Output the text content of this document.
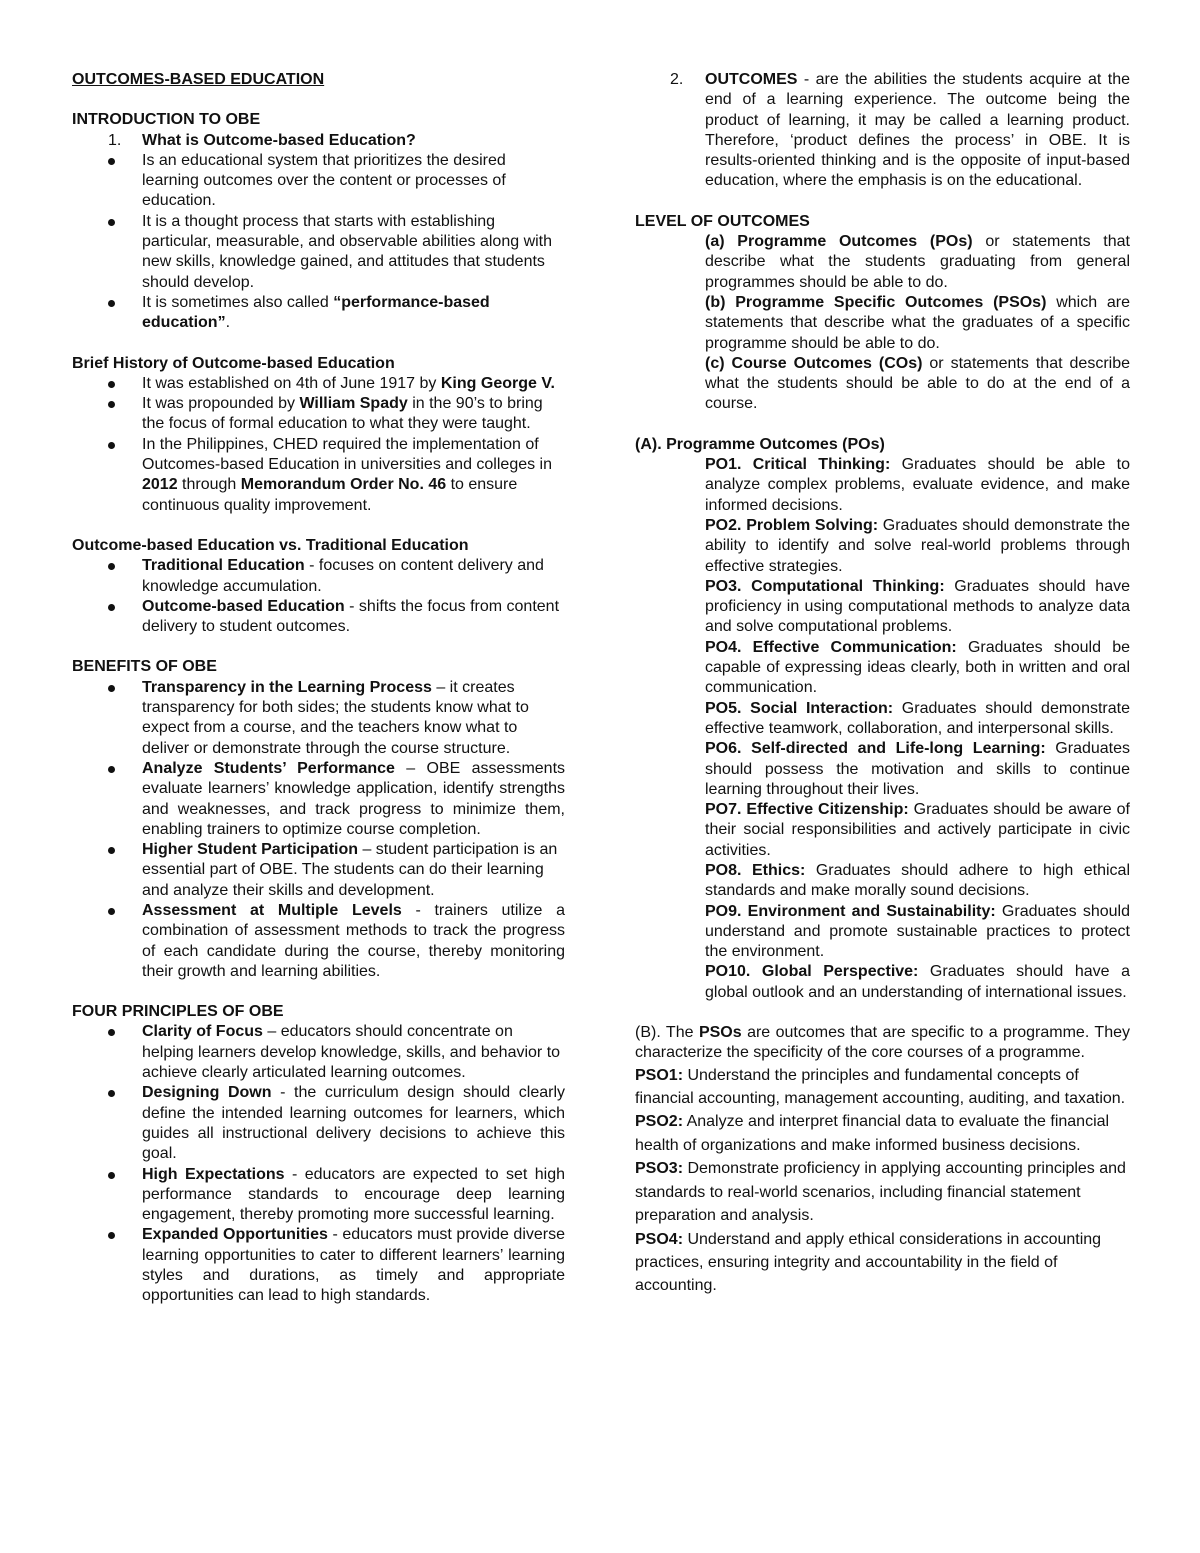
OUTCOMES-BASED EDUCATION

INTRODUCTION TO OBE

1. What is Outcome-based Education?
Is an educational system that prioritizes the desired learning outcomes over the content or processes of education.
It is a thought process that starts with establishing particular, measurable, and observable abilities along with new skills, knowledge gained, and attitudes that students should develop.
It is sometimes also called “performance-based education”.

Brief History of Outcome-based Education

It was established on 4th of June 1917 by King George V.
It was propounded by William Spady in the 90’s to bring the focus of formal education to what they were taught.
In the Philippines, CHED required the implementation of Outcomes-based Education in universities and colleges in 2012 through Memorandum Order No. 46 to ensure continuous quality improvement.

Outcome-based Education vs. Traditional Education

Traditional Education - focuses on content delivery and knowledge accumulation.
Outcome-based Education - shifts the focus from content delivery to student outcomes.

BENEFITS OF OBE

Transparency in the Learning Process – it creates transparency for both sides; the students know what to expect from a course, and the teachers know what to deliver or demonstrate through the course structure.
Analyze Students’ Performance – OBE assessments evaluate learners’ knowledge application, identify strengths and weaknesses, and track progress to minimize them, enabling trainers to optimize course completion.
Higher Student Participation – student participation is an essential part of OBE. The students can do their learning and analyze their skills and development.
Assessment at Multiple Levels - trainers utilize a combination of assessment methods to track the progress of each candidate during the course, thereby monitoring their growth and learning abilities.

FOUR PRINCIPLES OF OBE

Clarity of Focus – educators should concentrate on helping learners develop knowledge, skills, and behavior to achieve clearly articulated learning outcomes.
Designing Down - the curriculum design should clearly define the intended learning outcomes for learners, which guides all instructional delivery decisions to achieve this goal.
High Expectations - educators are expected to set high performance standards to encourage deep learning engagement, thereby promoting more successful learning.
Expanded Opportunities - educators must provide diverse learning opportunities to cater to different learners’ learning styles and durations, as timely and appropriate opportunities can lead to high standards.
2. OUTCOMES - are the abilities the students acquire at the end of a learning experience. The outcome being the product of learning, it may be called a learning product. Therefore, ‘product defines the process’ in OBE. It is results-oriented thinking and is the opposite of input-based education, where the emphasis is on the educational.

LEVEL OF OUTCOMES

(a) Programme Outcomes (POs) or statements that describe what the students graduating from general programmes should be able to do.
(b) Programme Specific Outcomes (PSOs) which are statements that describe what the graduates of a specific programme should be able to do.
(c) Course Outcomes (COs) or statements that describe what the students should be able to do at the end of a course.

(A). Programme Outcomes (POs)

PO1. Critical Thinking: Graduates should be able to analyze complex problems, evaluate evidence, and make informed decisions.

PO2. Problem Solving: Graduates should demonstrate the ability to identify and solve real-world problems through effective strategies.

PO3. Computational Thinking: Graduates should have proficiency in using computational methods to analyze data and solve computational problems.

PO4. Effective Communication: Graduates should be capable of expressing ideas clearly, both in written and oral communication.

PO5. Social Interaction: Graduates should demonstrate effective teamwork, collaboration, and interpersonal skills.

PO6. Self-directed and Life-long Learning: Graduates should possess the motivation and skills to continue learning throughout their lives.

PO7. Effective Citizenship: Graduates should be aware of their social responsibilities and actively participate in civic activities.

PO8. Ethics: Graduates should adhere to high ethical standards and make morally sound decisions.

PO9. Environment and Sustainability: Graduates should understand and promote sustainable practices to protect the environment.

PO10. Global Perspective: Graduates should have a global outlook and an understanding of international issues.

(B). The PSOs are outcomes that are specific to a programme. They characterize the specificity of the core courses of a programme.

PSO1: Understand the principles and fundamental concepts of financial accounting, management accounting, auditing, and taxation.

PSO2: Analyze and interpret financial data to evaluate the financial health of organizations and make informed business decisions.

PSO3: Demonstrate proficiency in applying accounting principles and standards to real-world scenarios, including financial statement preparation and analysis.

PSO4: Understand and apply ethical considerations in accounting practices, ensuring integrity and accountability in the field of accounting.
